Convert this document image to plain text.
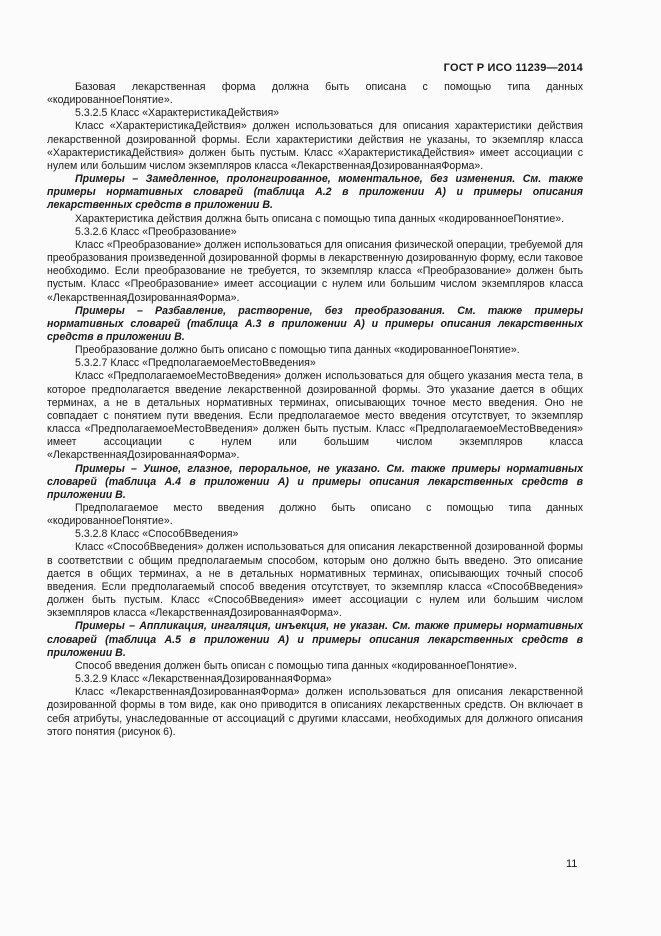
ГОСТ Р ИСО 11239—2014

Базовая лекарственная форма должна быть описана с помощью типа данных «кодированноеПонятие».

5.3.2.5 Класс «ХарактеристикаДействия»

Класс «ХарактеристикаДействия» должен использоваться для описания характеристики действия лекарственной дозированной формы. Если характеристики действия не указаны, то экземпляр класса «ХарактеристикаДействия» должен быть пустым. Класс «ХарактеристикаДействия» имеет ассоциации с нулем или большим числом экземпляров класса «ЛекарственнаяДозированнаяФорма».

Примеры – Замедленное, пролонгированное, моментальное, без изменения. См. также примеры нормативных словарей (таблица А.2 в приложении А) и примеры описания лекарственных средств в приложении В.

Характеристика действия должна быть описана с помощью типа данных «кодированноеПонятие».

5.3.2.6 Класс «Преобразование»

Класс «Преобразование» должен использоваться для описания физической операции, требуемой для преобразования произведенной дозированной формы в лекарственную дозированную форму, если таковое необходимо. Если преобразование не требуется, то экземпляр класса «Преобразование» должен быть пустым. Класс «Преобразование» имеет ассоциации с нулем или большим числом экземпляров класса «ЛекарственнаяДозированнаяФорма».

Примеры – Разбавление, растворение, без преобразования. См. также примеры нормативных словарей (таблица А.3 в приложении А) и примеры описания лекарственных средств в приложении В.

Преобразование должно быть описано с помощью типа данных «кодированноеПонятие».

5.3.2.7 Класс «ПредполагаемоеМестоВведения»

Класс «ПредполагаемоеМестоВведения» должен использоваться для общего указания места тела, в которое предполагается введение лекарственной дозированной формы. Это указание дается в общих терминах, а не в детальных нормативных терминах, описывающих точное место введения. Оно не совпадает с понятием пути введения. Если предполагаемое место введения отсутствует, то экземпляр класса «ПредполагаемоеМестоВведения» должен быть пустым. Класс «ПредполагаемоеМестоВведения» имеет ассоциации с нулем или большим числом экземпляров класса «ЛекарственнаяДозированнаяФорма».

Примеры – Ушное, глазное, пероральное, не указано. См. также примеры нормативных словарей (таблица А.4 в приложении А) и примеры описания лекарственных средств в приложении В.

Предполагаемое место введения должно быть описано с помощью типа данных «кодированноеПонятие».

5.3.2.8 Класс «СпособВведения»

Класс «СпособВведения» должен использоваться для описания лекарственной дозированной формы в соответствии с общим предполагаемым способом, которым оно должно быть введено. Это описание дается в общих терминах, а не в детальных нормативных терминах, описывающих точный способ введения. Если предполагаемый способ введения отсутствует, то экземпляр класса «СпособВведения» должен быть пустым. Класс «СпособВведения» имеет ассоциации с нулем или большим числом экземпляров класса «ЛекарственнаяДозированнаяФорма».

Примеры – Аппликация, ингаляция, инъекция, не указан. См. также примеры нормативных словарей (таблица А.5 в приложении А) и примеры описания лекарственных средств в приложении В.

Способ введения должен быть описан с помощью типа данных «кодированноеПонятие».

5.3.2.9 Класс «ЛекарственнаяДозированнаяФорма»

Класс «ЛекарственнаяДозированнаяФорма» должен использоваться для описания лекарственной дозированной формы в том виде, как оно приводится в описаниях лекарственных средств. Он включает в себя атрибуты, унаследованные от ассоциаций с другими классами, необходимых для должного описания этого понятия (рисунок 6).

11
